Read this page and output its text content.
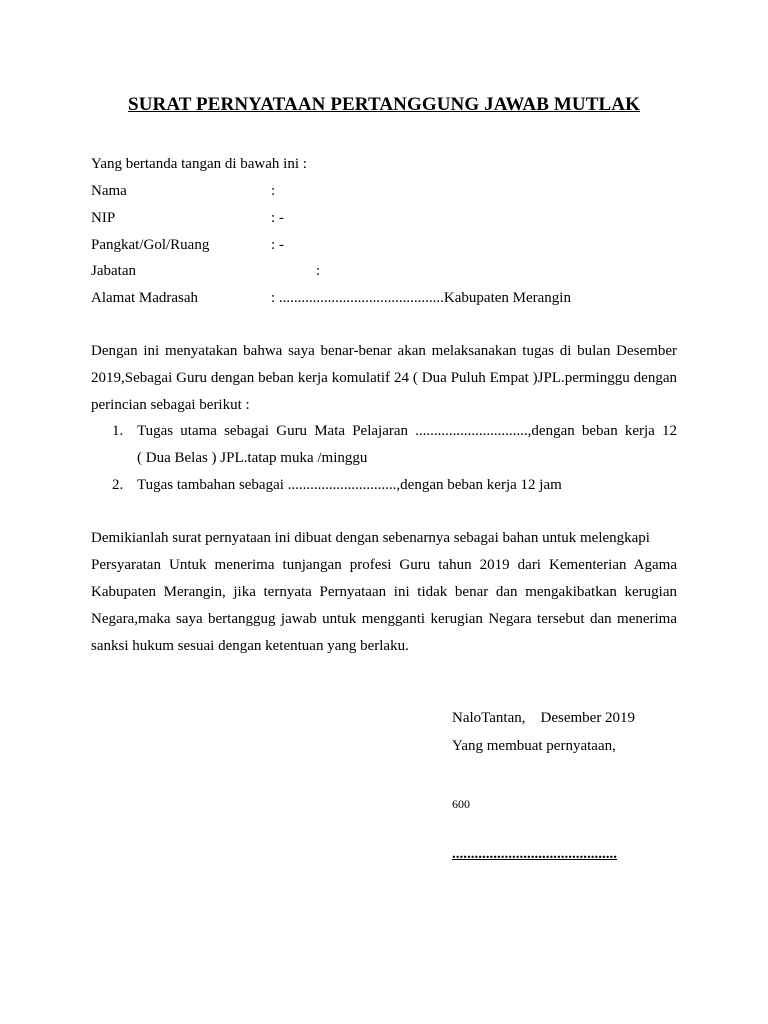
SURAT PERNYATAAN PERTANGGUNG JAWAB MUTLAK
Yang bertanda tangan di bawah ini :
Nama	:
NIP	: -
Pangkat/Gol/Ruang	: -
Jabatan	:
Alamat Madrasah	: ............................................Kabupaten Merangin
Dengan ini menyatakan bahwa saya benar-benar akan melaksanakan tugas di bulan Desember
2019,Sebagai Guru dengan beban kerja komulatif 24 ( Dua Puluh Empat )JPL.perminggu dengan
perincian sebagai berikut :
1. Tugas utama sebagai Guru Mata Pelajaran ..............................,dengan beban kerja 12
( Dua Belas ) JPL.tatap muka /minggu
2. Tugas tambahan sebagai .............................,dengan beban kerja 12 jam
Demikianlah surat pernyataan ini dibuat dengan sebenarnya sebagai bahan untuk melengkapi
Persyaratan Untuk menerima tunjangan profesi Guru tahun 2019 dari Kementerian Agama
Kabupaten Merangin, jika ternyata Pernyataan ini tidak benar dan mengakibatkan kerugian
Negara,maka saya bertanggug jawab untuk mengganti kerugian Negara tersebut dan menerima
sanksi hukum sesuai dengan ketentuan yang berlaku.
NaloTantan,    Desember 2019
Yang membuat pernyataan,
600
............................................
